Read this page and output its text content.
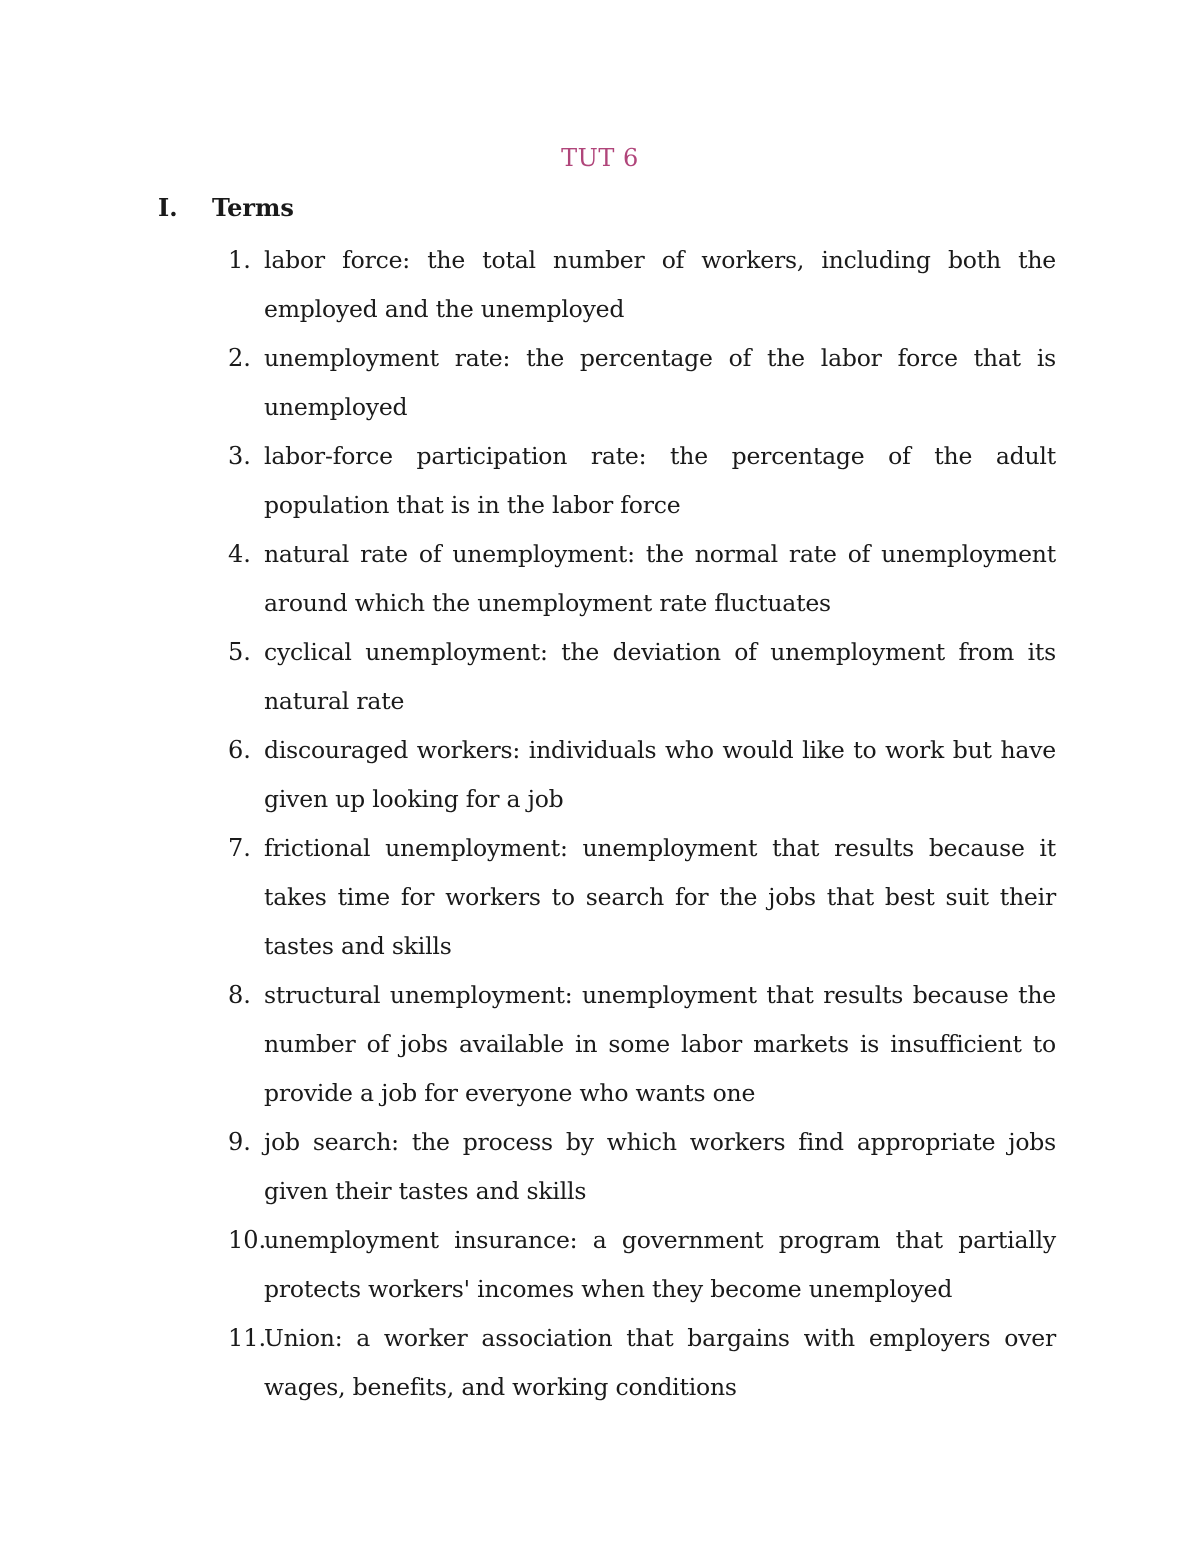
TUT 6
I.	Terms
1. labor force: the total number of workers, including both the employed and the unemployed
2. unemployment rate: the percentage of the labor force that is unemployed
3. labor-force participation rate: the percentage of the adult population that is in the labor force
4. natural rate of unemployment: the normal rate of unemployment around which the unemployment rate fluctuates
5. cyclical unemployment: the deviation of unemployment from its natural rate
6. discouraged workers: individuals who would like to work but have given up looking for a job
7. frictional unemployment: unemployment that results because it takes time for workers to search for the jobs that best suit their tastes and skills
8. structural unemployment: unemployment that results because the number of jobs available in some labor markets is insufficient to provide a job for everyone who wants one
9. job search: the process by which workers find appropriate jobs given their tastes and skills
10.
unemployment insurance: a government program that partially protects workers' incomes when they become unemployed
11.
Union: a worker association that bargains with employers over wages, benefits, and working conditions
